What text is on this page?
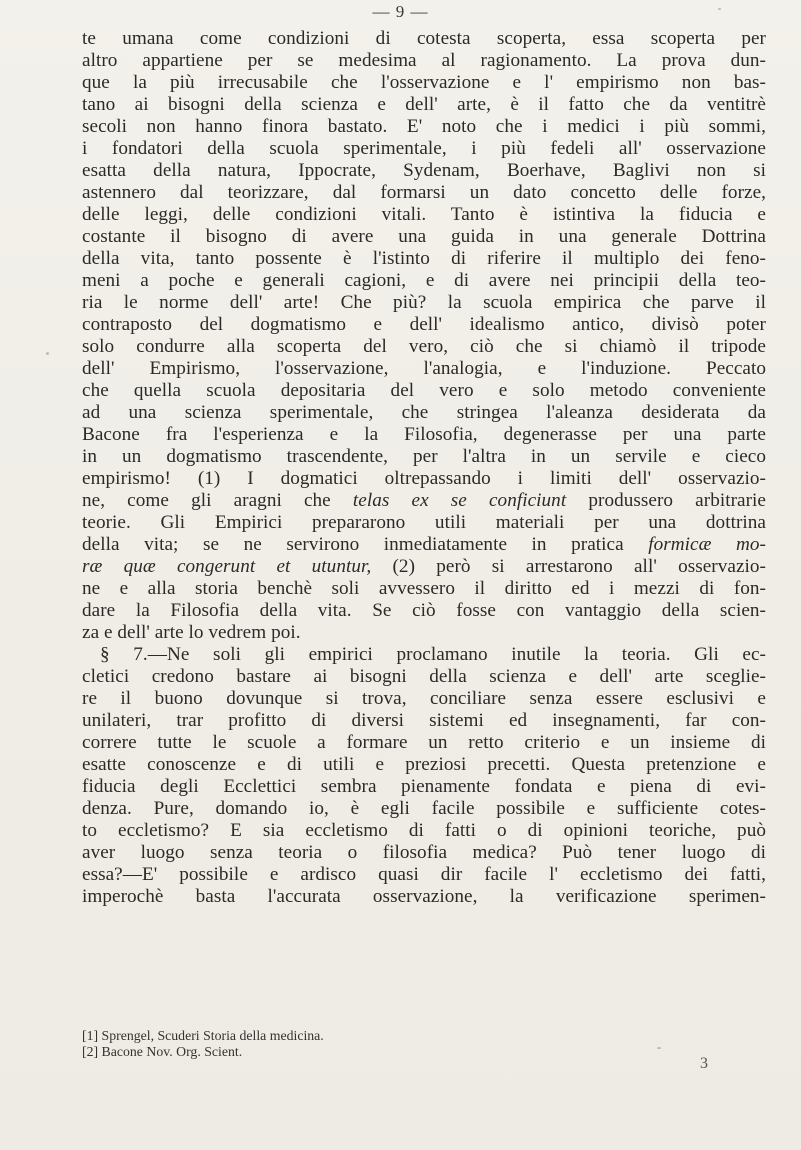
— 9 —
te umana come condizioni di cotesta scoperta, essa scoperta per
altro appartiene per se medesima al ragionamento. La prova dun-
que la più irrecusabile che l'osservazione e l' empirismo non bas-
tano ai bisogni della scienza e dell' arte, è il fatto che da ventitrè
secoli non hanno finora bastato. E' noto che i medici i più sommi,
i fondatori della scuola sperimentale, i più fedeli all' osservazione
esatta della natura, Ippocrate, Sydenam, Boerhave, Baglivi non si
astennero dal teorizzare, dal formarsi un dato concetto delle forze,
delle leggi, delle condizioni vitali. Tanto è istintiva la fiducia e
costante il bisogno di avere una guida in una generale Dottrina
della vita, tanto possente è l'istinto di riferire il multiplo dei feno-
meni a poche e generali cagioni, e di avere nei principii della teo-
ria le norme dell' arte! Che più? la scuola empirica che parve il
contraposto del dogmatismo e dell' idealismo antico, divisò poter
solo condurre alla scoperta del vero, ciò che si chiamò il tripode
dell' Empirismo, l'osservazione, l'analogia, e l'induzione. Peccato
che quella scuola depositaria del vero e solo metodo conveniente
ad una scienza sperimentale, che stringea l'aleanza desiderata da
Bacone fra l'esperienza e la Filosofia, degenerasse per una parte
in un dogmatismo trascendente, per l'altra in un servile e cieco
empirismo! (1) I dogmatici oltrepassando i limiti dell' osservazio-
ne, come gli aragni che telas ex se conficiunt produssero arbitrarie
teorie. Gli Empirici prepararono utili materiali per una dottrina
della vita; se ne servirono inmediatamente in pratica formicæ mo-
ræ quæ congerunt et utuntur, (2) però si arrestarono all' osservazio-
ne e alla storia benchè soli avvessero il diritto ed i mezzi di fon-
dare la Filosofia della vita. Se ciò fosse con vantaggio della scien-
za e dell' arte lo vedrem poi.
§ 7.—Ne soli gli empirici proclamano inutile la teoria. Gli ec-
cletici credono bastare ai bisogni della scienza e dell' arte sceglie-
re il buono dovunque si trova, conciliare senza essere esclusivi e
unilateri, trar profitto di diversi sistemi ed insegnamenti, far con-
correre tutte le scuole a formare un retto criterio e un insieme di
esatte conoscenze e di utili e preziosi precetti. Questa pretenzione e
fiducia degli Ecclettici sembra pienamente fondata e piena di evi-
denza. Pure, domando io, è egli facile possibile e sufficiente cotes-
to eccletismo? E sia eccletismo di fatti o di opinioni teoriche, può
aver luogo senza teoria o filosofia medica? Può tener luogo di
essa?—E' possibile e ardisco quasi dir facile l' eccletismo dei fatti,
imperochè basta l'accurata osservazione, la verificazione sperimen-
[1] Sprengel, Scuderi Storia della medicina.
[2] Bacone Nov. Org. Scient.
3
